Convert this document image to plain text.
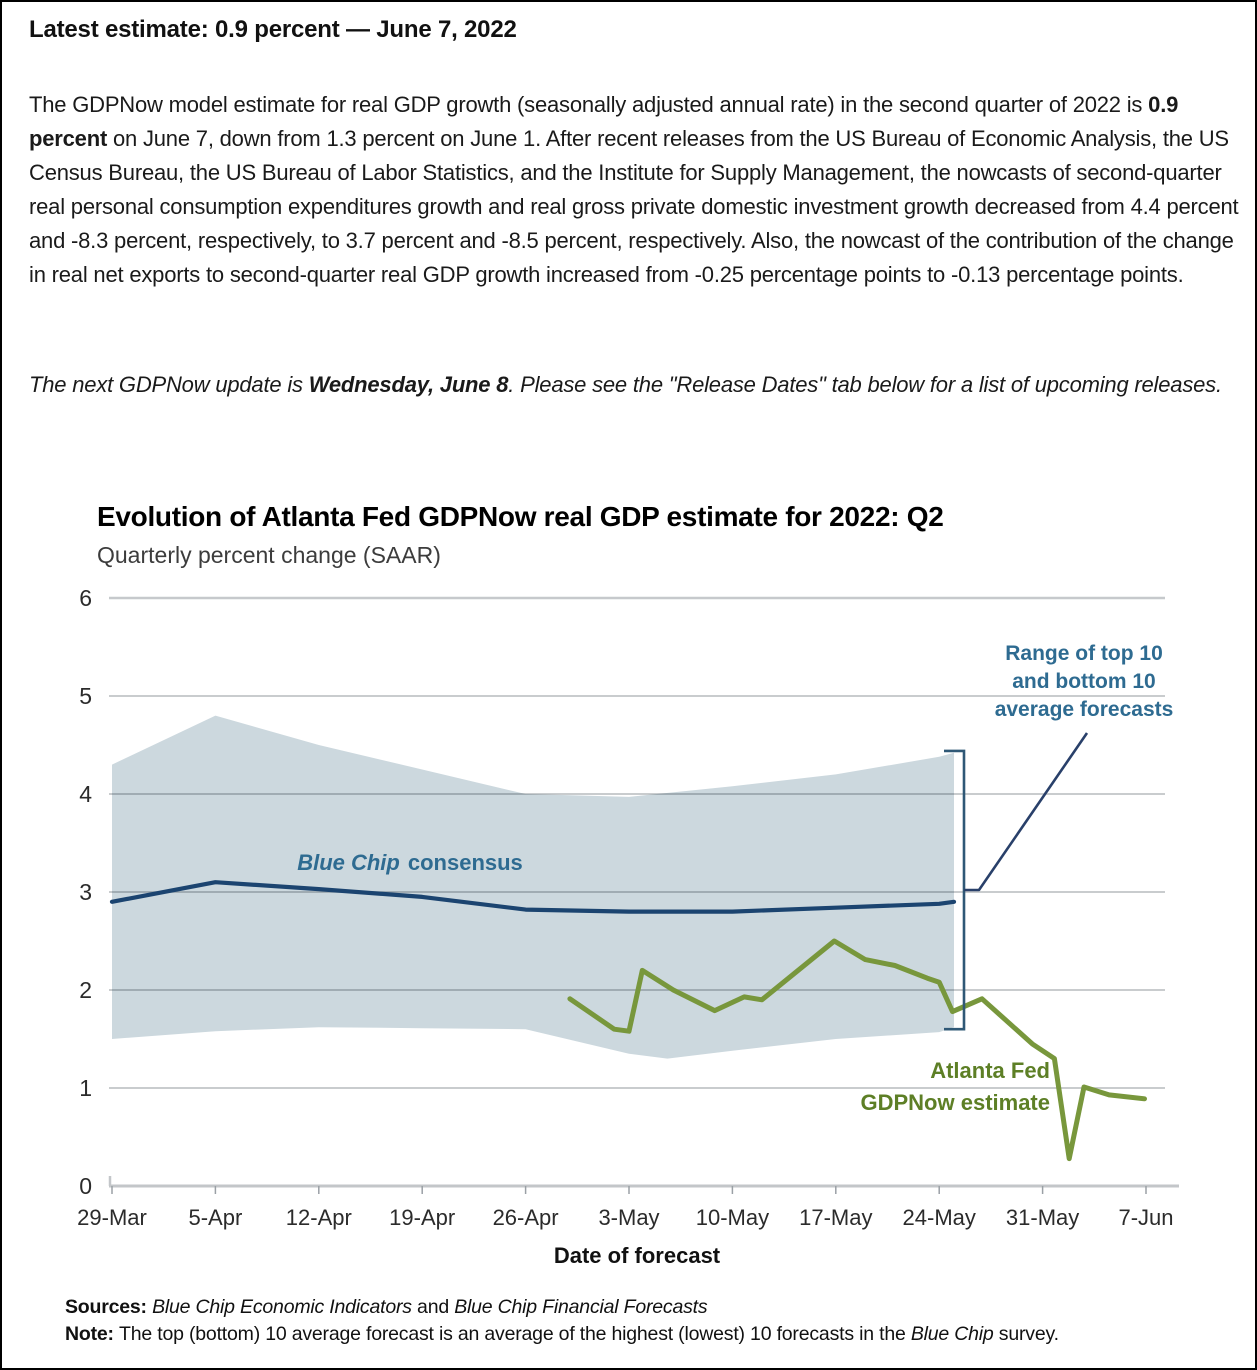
Latest estimate: 0.9 percent — June 7, 2022

The GDPNow model estimate for real GDP growth (seasonally adjusted annual rate) in the second quarter of 2022 is 0.9 percent on June 7, down from 1.3 percent on June 1. After recent releases from the US Bureau of Economic Analysis, the US Census Bureau, the US Bureau of Labor Statistics, and the Institute for Supply Management, the nowcasts of second-quarter real personal consumption expenditures growth and real gross private domestic investment growth decreased from 4.4 percent and -8.3 percent, respectively, to 3.7 percent and -8.5 percent, respectively. Also, the nowcast of the contribution of the change in real net exports to second-quarter real GDP growth increased from -0.25 percentage points to -0.13 percentage points.

The next GDPNow update is Wednesday, June 8. Please see the "Release Dates" tab below for a list of upcoming releases.

Evolution of Atlanta Fed GDPNow real GDP estimate for 2022: Q2
Quarterly percent change (SAAR)
29-Mar 5-Apr 12-Apr 19-Apr 26-Apr 3-May 10-May 17-May 24-May 31-May 7-Jun
0
1
2
3
4
5
6
Range of top 10
and bottom 10
average forecasts
Blue Chip consensus
Atlanta Fed
GDPNow estimate
Date of forecast
Sources: Blue Chip Economic Indicators and Blue Chip Financial Forecasts
Note: The top (bottom) 10 average forecast is an average of the highest (lowest) 10 forecasts in the Blue Chip survey.
